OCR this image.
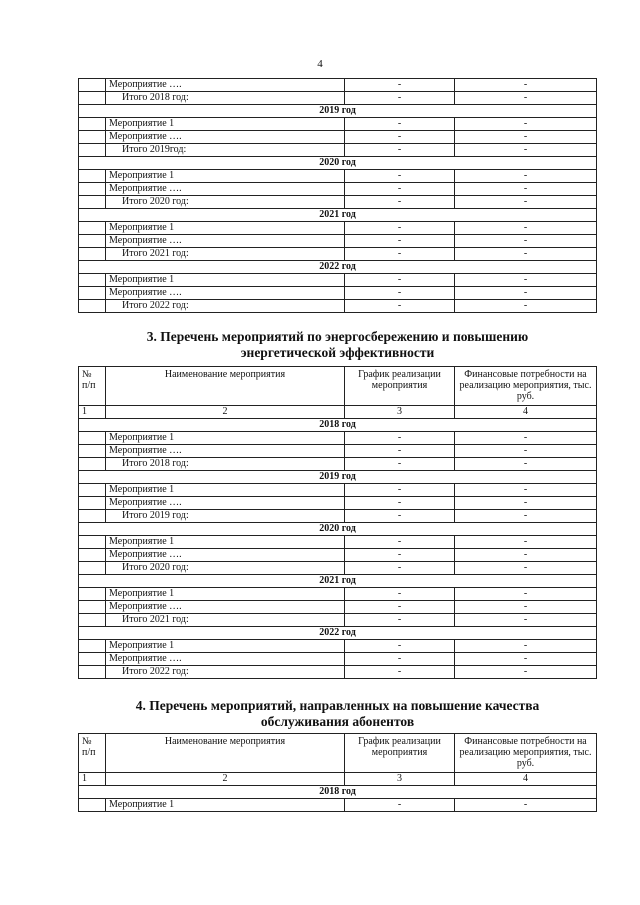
4
	Мероприятие ….	-	-
	Итого 2018 год:	-	-
2019 год			
	Мероприятие 1	-	-
	Мероприятие ….	-	-
	Итого 2019год:	-	-
2020 год			
	Мероприятие 1	-	-
	Мероприятие ….	-	-
	Итого 2020 год:	-	-
2021 год			
	Мероприятие 1	-	-
	Мероприятие ….	-	-
	Итого 2021 год:	-	-
2022 год			
	Мероприятие 1	-	-
	Мероприятие ….	-	-
	Итого 2022 год:	-	-
3. Перечень мероприятий по энергосбережению и повышению
энергетической эффективности
№ п/п	Наименование мероприятия	График реализации мероприятия	Финансовые потребности на реализацию мероприятия, тыс. руб.
1	2	3	4
2018 год			
	Мероприятие 1	-	-
	Мероприятие ….	-	-
	Итого 2018 год:	-	-
2019 год			
	Мероприятие 1	-	-
	Мероприятие ….	-	-
	Итого 2019 год:	-	-
2020 год			
	Мероприятие 1	-	-
	Мероприятие ….	-	-
	Итого 2020 год:	-	-
2021 год			
	Мероприятие 1	-	-
	Мероприятие ….	-	-
	Итого 2021 год:	-	-
2022 год			
	Мероприятие 1	-	-
	Мероприятие ….	-	-
	Итого 2022 год:	-	-
4. Перечень мероприятий, направленных на повышение качества
обслуживания абонентов
№ п/п	Наименование мероприятия	График реализации мероприятия	Финансовые потребности на реализацию мероприятия, тыс. руб.
1	2	3	4
2018 год			
	Мероприятие 1	-	-
